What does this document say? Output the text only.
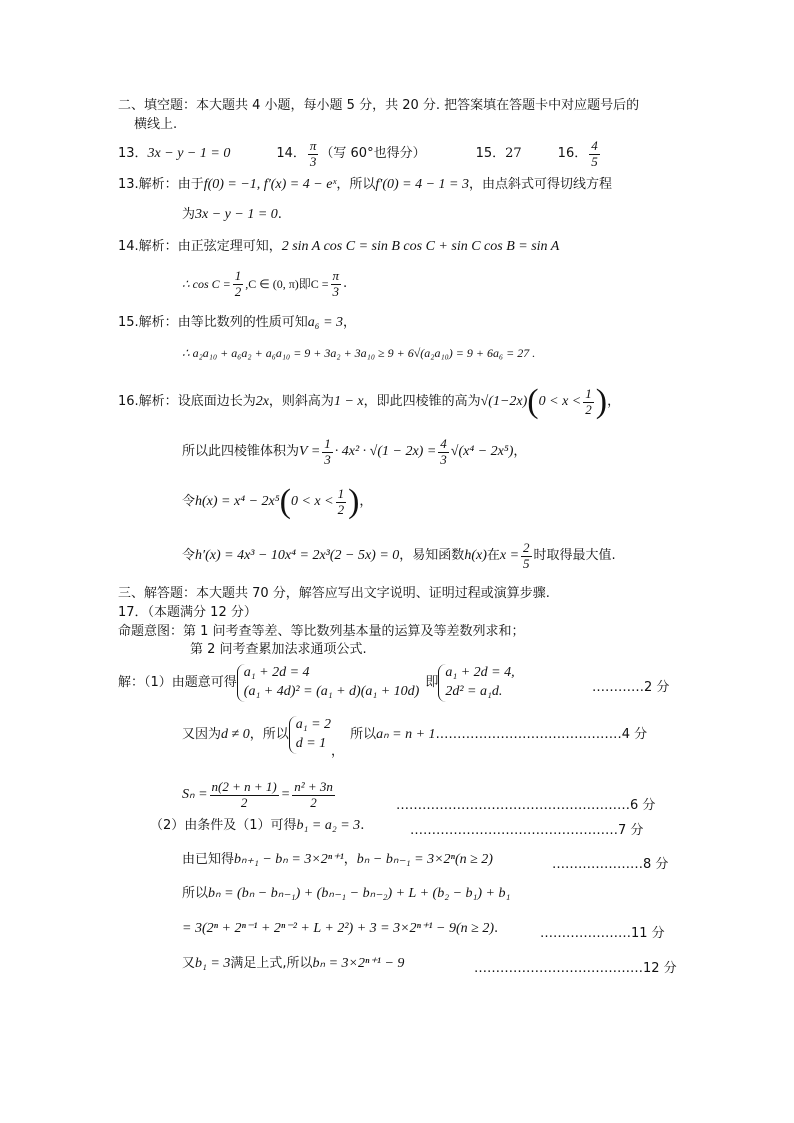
二、填空题：本大题共 4 小题，每小题 5 分，共 20 分. 把答案填在答题卡中对应题号后的
横线上.
13． 3x − y − 1 = 0	14． $\frac{\pi}{3}$ （写 60°也得分）	15． 27	16． $\frac{4}{5}$
13.解析：由于f(0) = −1, f′(x) = 4 − eˣ，所以f′(0) = 4 − 1 = 3，由点斜式可得切线方程
为3x − y − 1 = 0.
14.解析：由正弦定理可知，2 sin A cos C = sin B cos C + sin C cos B = sin A
∴ $\cos C = \frac{1}{2} ,C$ ∈ (0, π)即$C = \frac{\pi}{3}$ .
15.解析：由等比数列的性质可知a₆ = 3，
∴ a₂a₁₀ + a₆a₂ + a₆a₁₀ = 9 + 3a₂ + 3a₁₀ ≥ 9 + 6√(a₂a₁₀) = 9 + 6a₆ = 27 .
16.解析： 设底面边长为 2x ，则斜高为 1 − x ，即此四棱锥的高为 √(1−2x) ( $0 < x < \frac{1}{2}$ ) ，
所以此四棱锥体积为 $V = \frac{1}{3} \cdot 4x^2 \cdot √(1 - 2x) = \frac{4}{3} √(x^4 - 2x^5)$ ，
令 h(x) = x⁴ − 2x⁵ ( $0 < x < \frac{1}{2}$ ) ，
令 h′(x) = 4x³ − 10x⁴ = 2x³(2 − 5x) = 0 ，易知函数 h(x) 在 $x = \frac{2}{5}$ 时取得最大值.
三、解答题：本大题共 70 分，解答应写出文字说明、证明过程或演算步骤.
17．（本题满分 12 分）
命题意图：第 1 问考查等差、等比数列基本量的运算及等差数列求和；
第 2 问考查累加法求通项公式.
解：（1）由题意可得
a₁ + 2d = 4
(a₁ + 4d)² = (a₁ + d)(a₁ + 10d)
即
a₁ + 2d = 4,
2d² = a₁d.	…………2 分
又因为 d ≠ 0 ，所以
a₁ = 2
d = 1
，
所以 aₙ = n + 1 .……………………………………4 分
$S_n = \frac{n(2 + n + 1)}{2} = \frac{\text{n² + 3n}}{2}$	………………………………………………6 分
（2）由条件及（1）可得b₁ = a₂ = 3.	…………………………………………7 分
由已知得bₙ₊₁ − bₙ = 3×2ⁿ⁺¹，bₙ − bₙ₋₁ = 3×2ⁿ(n ≥ 2)	…………………8 分
所以bₙ = (bₙ − bₙ₋₁) + (bₙ₋₁ − bₙ₋₂) + L + (b₂ − b₁) + b₁
= 3(2ⁿ + 2ⁿ⁻¹ + 2ⁿ⁻² + L + 2²) + 3 = 3×2ⁿ⁺¹ − 9(n ≥ 2).	…………………11 分
又b₁ = 3满足上式,所以bₙ = 3×2ⁿ⁺¹ − 9	…………………………………12 分
